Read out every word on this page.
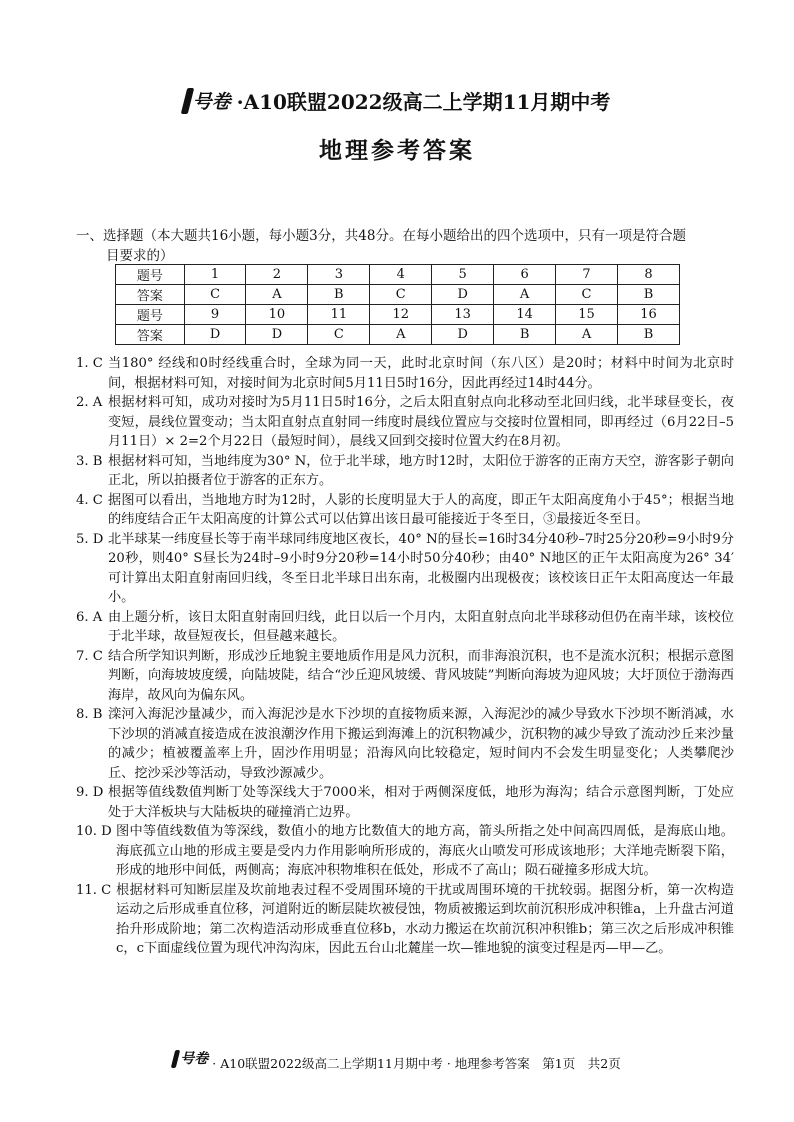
号卷 ·A10联盟2022级高二上学期11月期中考
地理参考答案
一、选择题（本大题共16小题，每小题3分，共48分。在每小题给出的四个选项中，只有一项是符合题
目要求的）
题号	1	2	3	4	5	6	7	8
答案	C	A	B	C	D	A	C	B
题号	9	10	11	12	13	14	15	16
答案	D	D	C	A	D	B	A	B
1. C 当180° 经线和0时经线重合时，全球为同一天，此时北京时间（东八区）是20时；材料中时间为北京时间，根据材料可知，对接时间为北京时间5月11日5时16分，因此再经过14时44分。
2. A 根据材料可知，成功对接时为5月11日5时16分，之后太阳直射点向北移动至北回归线，北半球昼变长，夜变短，晨线位置变动；当太阳直射点直射同一纬度时晨线位置应与交接时位置相同，即再经过（6月22日–5月11日）× 2=2个月22日（最短时间），晨线又回到交接时位置大约在8月初。
3. B 根据材料可知，当地纬度为30° N，位于北半球，地方时12时，太阳位于游客的正南方天空，游客影子朝向正北，所以拍摄者位于游客的正东方。
4. C 据图可以看出，当地地方时为12时，人影的长度明显大于人的高度，即正午太阳高度角小于45°；根据当地的纬度结合正午太阳高度的计算公式可以估算出该日最可能接近于冬至日，③最接近冬至日。
5. D 北半球某一纬度昼长等于南半球同纬度地区夜长，40° N的昼长=16时34分40秒–7时25分20秒=9小时9分20秒，则40° S昼长为24时–9小时9分20秒=14小时50分40秒；由40° N地区的正午太阳高度为26° 34′可计算出太阳直射南回归线，冬至日北半球日出东南，北极圈内出现极夜；该校该日正午太阳高度达一年最小。
6. A 由上题分析，该日太阳直射南回归线，此日以后一个月内，太阳直射点向北半球移动但仍在南半球，该校位于北半球，故昼短夜长，但昼越来越长。
7. C 结合所学知识判断，形成沙丘地貌主要地质作用是风力沉积，而非海浪沉积，也不是流水沉积；根据示意图判断，向海坡坡度缓，向陆坡陡，结合“沙丘迎风坡缓、背风坡陡”判断向海坡为迎风坡；大圩顶位于渤海西海岸，故风向为偏东风。
8. B 滦河入海泥沙量减少，而入海泥沙是水下沙坝的直接物质来源，入海泥沙的减少导致水下沙坝不断消减，水下沙坝的消减直接造成在波浪潮汐作用下搬运到海滩上的沉积物减少，沉积物的减少导致了流动沙丘来沙量的减少；植被覆盖率上升，固沙作用明显；沿海风向比较稳定，短时间内不会发生明显变化；人类攀爬沙丘、挖沙采沙等活动，导致沙源减少。
9. D 根据等值线数值判断丁处等深线大于7000米，相对于两侧深度低，地形为海沟；结合示意图判断，丁处应处于大洋板块与大陆板块的碰撞消亡边界。
10. D 图中等值线数值为等深线，数值小的地方比数值大的地方高，箭头所指之处中间高四周低，是海底山地。海底孤立山地的形成主要是受内力作用影响所形成的，海底火山喷发可形成该地形；大洋地壳断裂下陷，形成的地形中间低，两侧高；海底冲积物堆积在低处，形成不了高山；陨石碰撞多形成大坑。
11. C 根据材料可知断层崖及坎前地表过程不受周围环境的干扰或周围环境的干扰较弱。据图分析，第一次构造运动之后形成垂直位移，河道附近的断层陡坎被侵蚀，物质被搬运到坎前沉积形成冲积锥a，上升盘古河道抬升形成阶地；第二次构造活动形成垂直位移b，水动力搬运在坎前沉积冲积锥b；第三次之后形成冲积锥c，c下面虚线位置为现代冲沟沟床，因此五台山北麓崖一坎—锥地貌的演变过程是丙—甲—乙。
号卷 · A10联盟2022级高二上学期11月期中考 · 地理参考答案　第1页　共2页
